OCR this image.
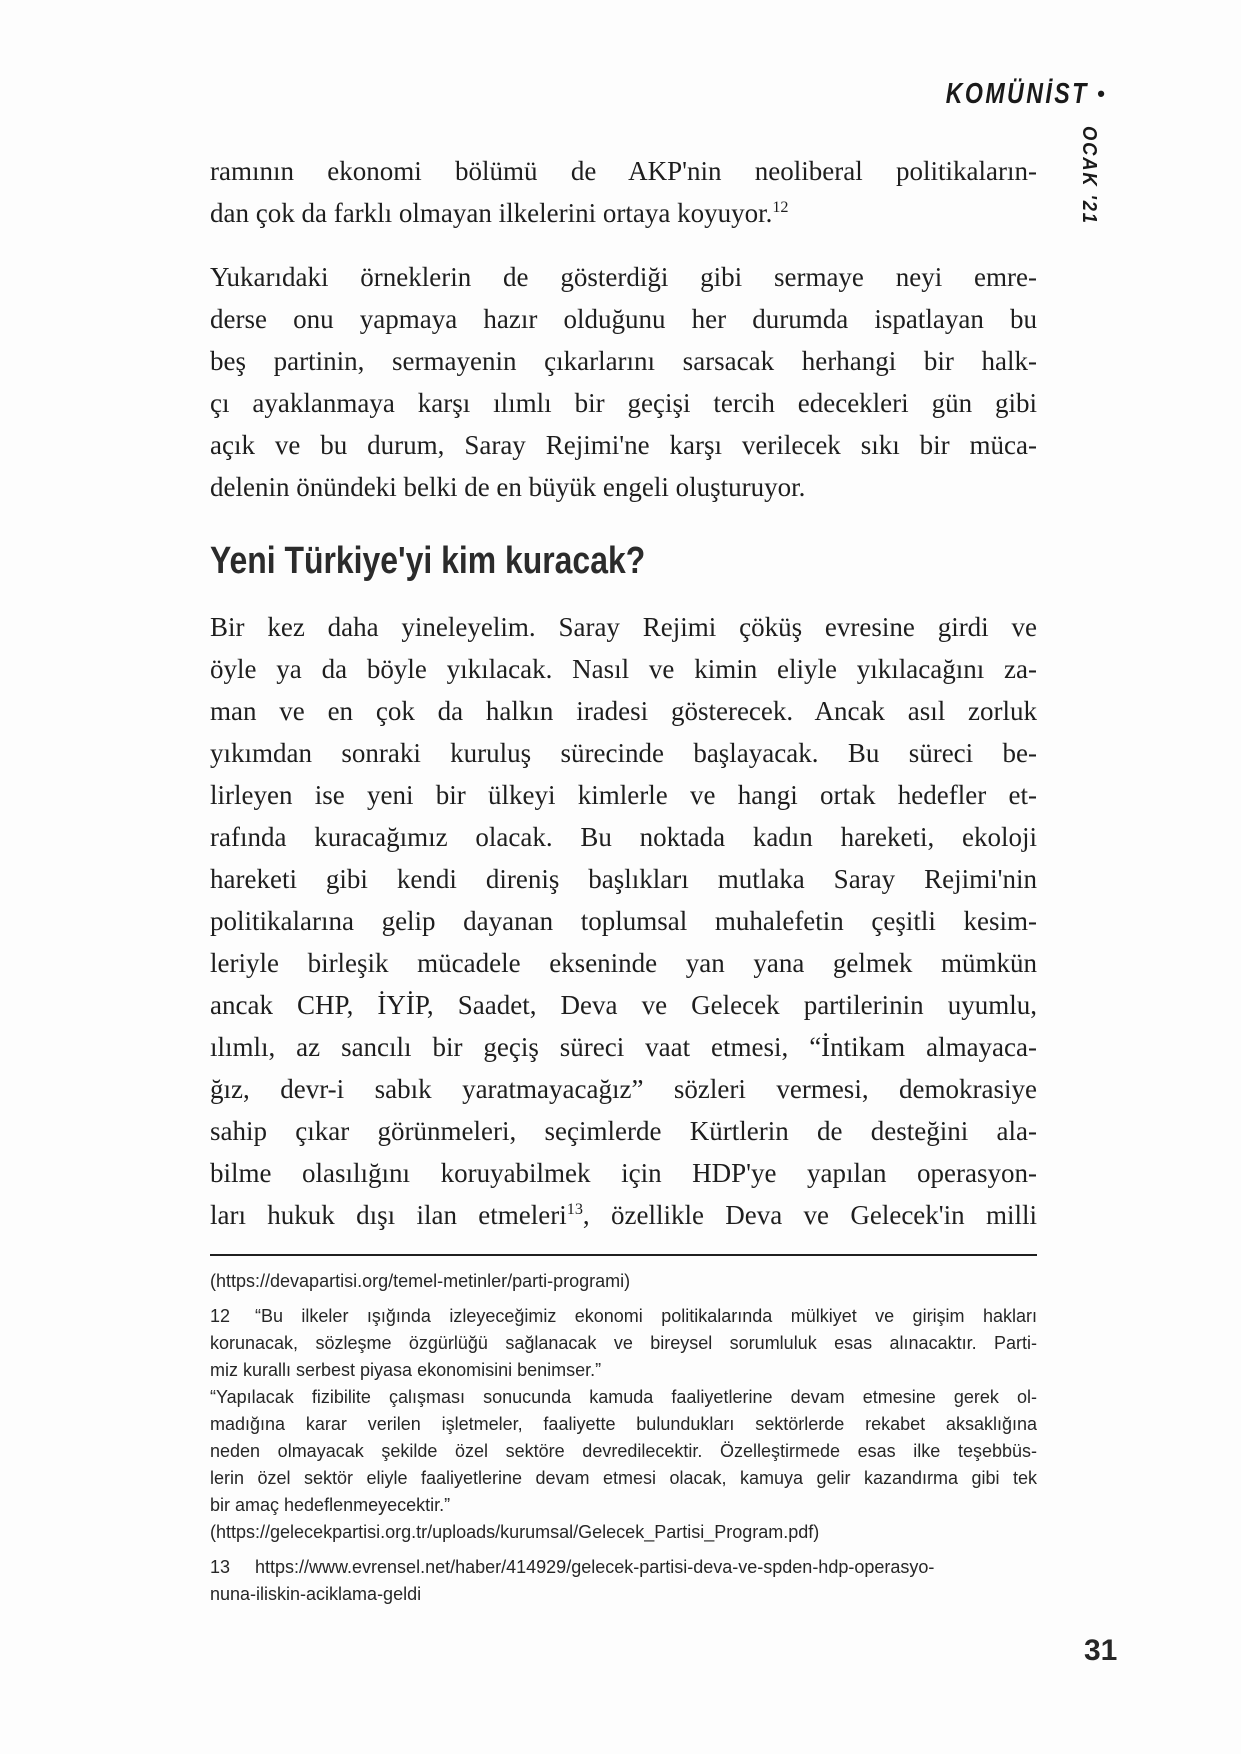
KOMÜNİST •
OCAK '21
ramının ekonomi bölümü de AKP'nin neoliberal politikaların-
dan çok da farklı olmayan ilkelerini ortaya koyuyor.$^{12}$
Yukarıdaki örneklerin de gösterdiği gibi sermaye neyi emre-
derse onu yapmaya hazır olduğunu her durumda ispatlayan bu
beş partinin, sermayenin çıkarlarını sarsacak herhangi bir halk-
çı ayaklanmaya karşı ılımlı bir geçişi tercih edecekleri gün gibi
açık ve bu durum, Saray Rejimi'ne karşı verilecek sıkı bir müca-
delenin önündeki belki de en büyük engeli oluşturuyor.
Yeni Türkiye'yi kim kuracak?
Bir kez daha yineleyelim. Saray Rejimi çöküş evresine girdi ve
öyle ya da böyle yıkılacak. Nasıl ve kimin eliyle yıkılacağını za-
man ve en çok da halkın iradesi gösterecek. Ancak asıl zorluk
yıkımdan sonraki kuruluş sürecinde başlayacak. Bu süreci be-
lirleyen ise yeni bir ülkeyi kimlerle ve hangi ortak hedefler et-
rafında kuracağımız olacak. Bu noktada kadın hareketi, ekoloji
hareketi gibi kendi direniş başlıkları mutlaka Saray Rejimi'nin
politikalarına gelip dayanan toplumsal muhalefetin çeşitli kesim-
leriyle birleşik mücadele ekseninde yan yana gelmek mümkün
ancak CHP, İYİP, Saadet, Deva ve Gelecek partilerinin uyumlu,
ılımlı, az sancılı bir geçiş süreci vaat etmesi, “İntikam almayaca-
ğız, devr-i sabık yaratmayacağız” sözleri vermesi, demokrasiye
sahip çıkar görünmeleri, seçimlerde Kürtlerin de desteğini ala-
bilme olasılığını koruyabilmek için HDP'ye yapılan operasyon-
ları hukuk dışı ilan etmeleri$^{13}$, özellikle Deva ve Gelecek'in milli
(https://devapartisi.org/temel-metinler/parti-programi)
12 “Bu ilkeler ışığında izleyeceğimiz ekonomi politikalarında mülkiyet ve girişim hakları
korunacak, sözleşme özgürlüğü sağlanacak ve bireysel sorumluluk esas alınacaktır. Parti-
miz kurallı serbest piyasa ekonomisini benimser.”
“Yapılacak fizibilite çalışması sonucunda kamuda faaliyetlerine devam etmesine gerek ol-
madığına karar verilen işletmeler, faaliyette bulundukları sektörlerde rekabet aksaklığına
neden olmayacak şekilde özel sektöre devredilecektir. Özelleştirmede esas ilke teşebbüs-
lerin özel sektör eliyle faaliyetlerine devam etmesi olacak, kamuya gelir kazandırma gibi tek
bir amaç hedeflenmeyecektir.”
(https://gelecekpartisi.org.tr/uploads/kurumsal/Gelecek_Partisi_Program.pdf)
13 https://www.evrensel.net/haber/414929/gelecek-partisi-deva-ve-spden-hdp-operasyo-
nuna-iliskin-aciklama-geldi
31
